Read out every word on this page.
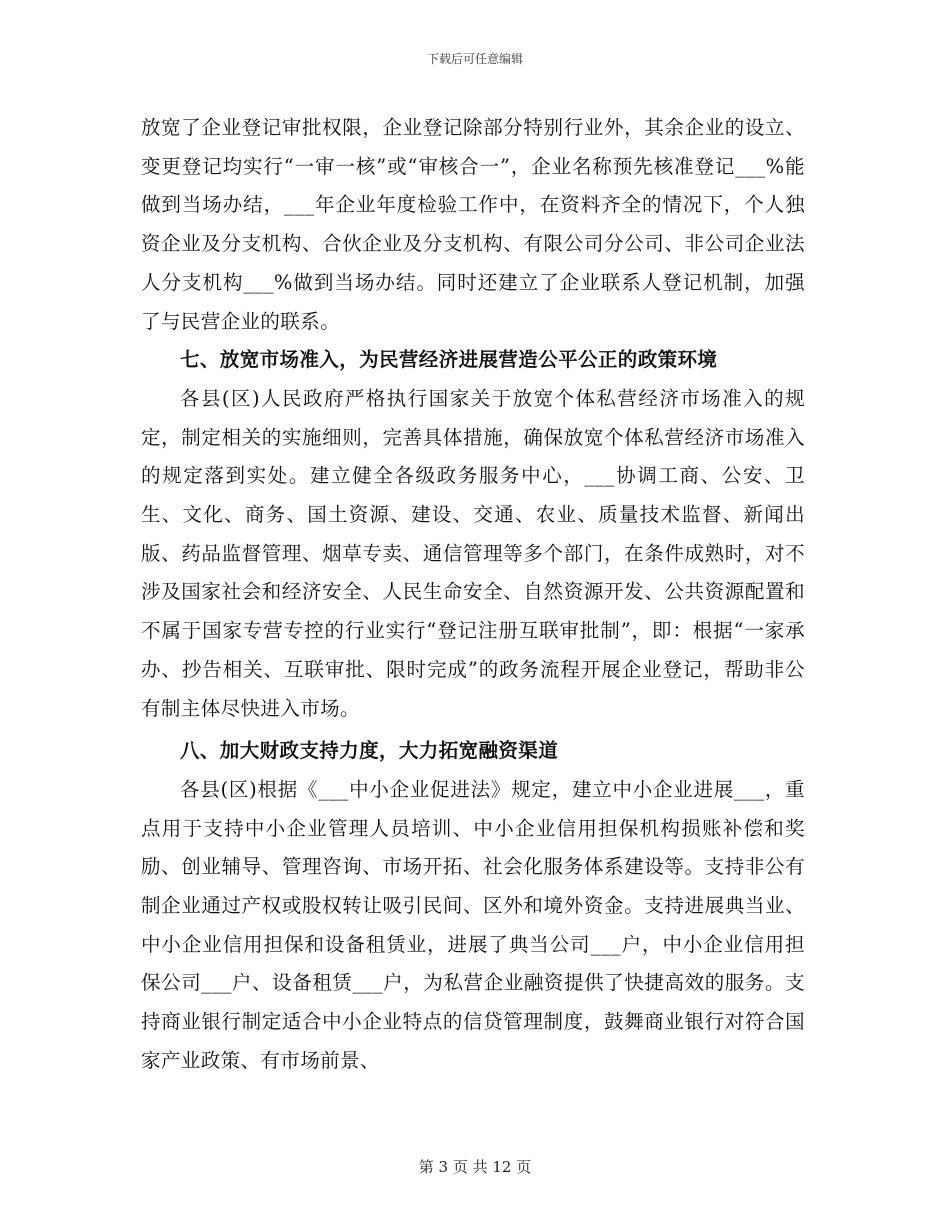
下载后可任意编辑

放宽了企业登记审批权限，企业登记除部分特别行业外，其余企业的设立、变更登记均实行“一审一核”或“审核合一”，企业名称预先核准登记___%能做到当场办结，___年企业年度检验工作中，在资料齐全的情况下，个人独资企业及分支机构、合伙企业及分支机构、有限公司分公司、非公司企业法人分支机构___%做到当场办结。同时还建立了企业联系人登记机制，加强了与民营企业的联系。

七、放宽市场准入，为民营经济进展营造公平公正的政策环境

各县(区)人民政府严格执行国家关于放宽个体私营经济市场准入的规定，制定相关的实施细则，完善具体措施，确保放宽个体私营经济市场准入的规定落到实处。建立健全各级政务服务中心，___协调工商、公安、卫生、文化、商务、国土资源、建设、交通、农业、质量技术监督、新闻出版、药品监督管理、烟草专卖、通信管理等多个部门，在条件成熟时，对不涉及国家社会和经济安全、人民生命安全、自然资源开发、公共资源配置和不属于国家专营专控的行业实行“登记注册互联审批制”，即：根据“一家承办、抄告相关、互联审批、限时完成”的政务流程开展企业登记，帮助非公有制主体尽快进入市场。

八、加大财政支持力度，大力拓宽融资渠道

各县(区)根据《___中小企业促进法》规定，建立中小企业进展___，重点用于支持中小企业管理人员培训、中小企业信用担保机构损账补偿和奖励、创业辅导、管理咨询、市场开拓、社会化服务体系建设等。支持非公有制企业通过产权或股权转让吸引民间、区外和境外资金。支持进展典当业、中小企业信用担保和设备租赁业，进展了典当公司___户，中小企业信用担保公司___户、设备租赁___户，为私营企业融资提供了快捷高效的服务。支持商业银行制定适合中小企业特点的信贷管理制度，鼓舞商业银行对符合国家产业政策、有市场前景、

第 3 页 共 12 页
